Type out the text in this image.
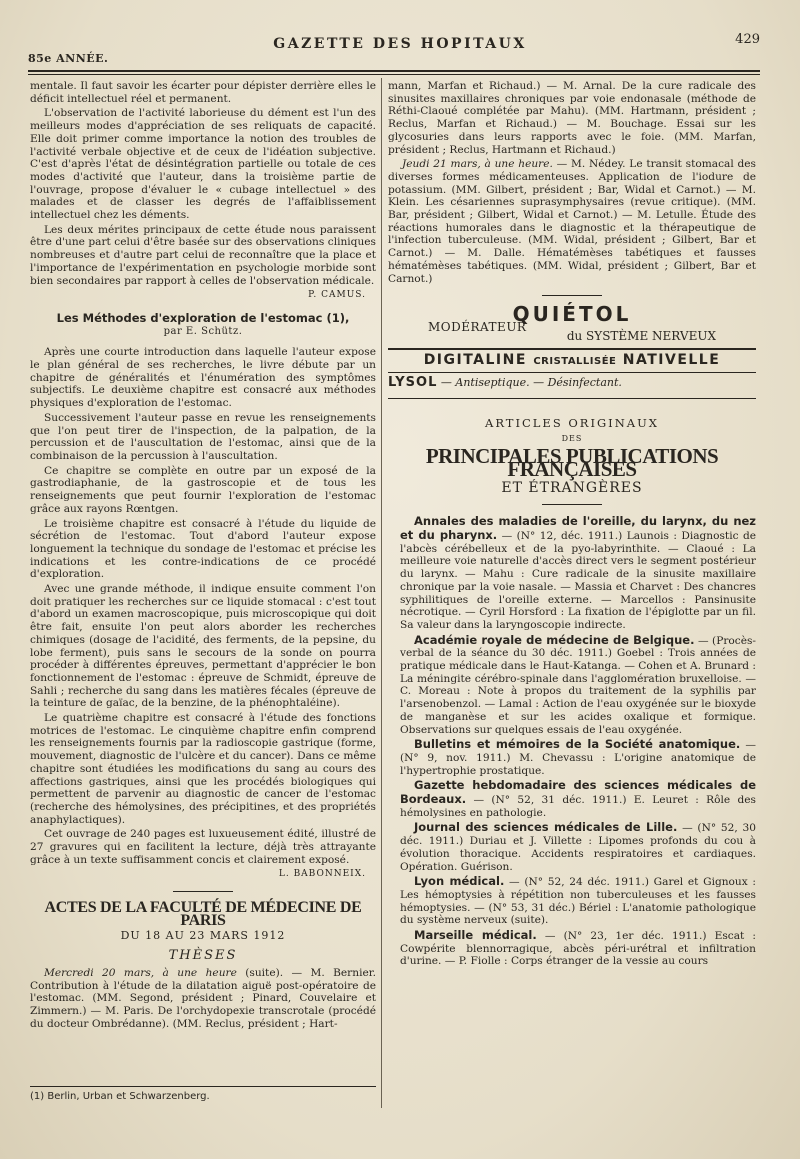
85e ANNÉE.
GAZETTE DES HOPITAUX	429

mentale. Il faut savoir les écarter pour dépister derrière elles le déficit intellectuel réel et permanent.

L'observation de l'activité laborieuse du dément est l'un des meilleurs modes d'appréciation de ses reliquats de capacité. Elle doit primer comme importance la notion des troubles de l'activité verbale objective et de ceux de l'idéation subjective. C'est d'après l'état de désintégration partielle ou totale de ces modes d'activité que l'auteur, dans la troisième partie de l'ouvrage, propose d'évaluer le « cubage intellectuel » des malades et de classer les degrés de l'affaiblissement intellectuel chez les déments.

Les deux mérites principaux de cette étude nous paraissent être d'une part celui d'être basée sur des observations cliniques nombreuses et d'autre part celui de reconnaître que la place et l'importance de l'expérimentation en psychologie morbide sont bien secondaires par rapport à celles de l'observation médicale.

P. CAMUS.
Les Méthodes d'exploration de l'estomac (1),
par E. Schütz.

Après une courte introduction dans laquelle l'auteur expose le plan général de ses recherches, le livre débute par un chapitre de généralités et l'énumération des symptômes subjectifs. Le deuxième chapitre est consacré aux méthodes physiques d'exploration de l'estomac.

Successivement l'auteur passe en revue les renseignements que l'on peut tirer de l'inspection, de la palpation, de la percussion et de l'auscultation de l'estomac, ainsi que de la combinaison de la percussion à l'auscultation.

Ce chapitre se complète en outre par un exposé de la gastrodiaphanie, de la gastroscopie et de tous les renseignements que peut fournir l'exploration de l'estomac grâce aux rayons Rœntgen.

Le troisième chapitre est consacré à l'étude du liquide de sécrétion de l'estomac. Tout d'abord l'auteur expose longuement la technique du sondage de l'estomac et précise les indications et les contre-indications de ce procédé d'exploration.

Avec une grande méthode, il indique ensuite comment l'on doit pratiquer les recherches sur ce liquide stomacal : c'est tout d'abord un examen macroscopique, puis microscopique qui doit être fait, ensuite l'on peut alors aborder les recherches chimiques (dosage de l'acidité, des ferments, de la pepsine, du lobe ferment), puis sans le secours de la sonde on pourra procéder à différentes épreuves, permettant d'apprécier le bon fonctionnement de l'estomac : épreuve de Schmidt, épreuve de Sahli ; recherche du sang dans les matières fécales (épreuve de la teinture de gaïac, de la benzine, de la phénophtaléine).

Le quatrième chapitre est consacré à l'étude des fonctions motrices de l'estomac. Le cinquième chapitre enfin comprend les renseignements fournis par la radioscopie gastrique (forme, mouvement, diagnostic de l'ulcère et du cancer). Dans ce même chapitre sont étudiées les modifications du sang au cours des affections gastriques, ainsi que les procédés biologiques qui permettent de parvenir au diagnostic de cancer de l'estomac (recherche des hémolysines, des précipitines, et des propriétés anaphylactiques).

Cet ouvrage de 240 pages est luxueusement édité, illustré de 27 gravures qui en facilitent la lecture, déjà très attrayante grâce à un texte suffisamment concis et clairement exposé.

L. BABONNEIX.
ACTES DE LA FACULTÉ DE MÉDECINE DE PARIS
DU 18 AU 23 MARS 1912
THÈSES

Mercredi 20 mars, à une heure (suite). — M. Bernier. Contribution à l'étude de la dilatation aiguë post-opératoire de l'estomac. (MM. Segond, président ; Pinard, Couvelaire et Zimmern.) — M. Paris. De l'orchydopexie transcrotale (procédé du docteur Ombrédanne). (MM. Reclus, président ; Hart-

(1) Berlin, Urban et Schwarzenberg.

mann, Marfan et Richaud.) — M. Arnal. De la cure radicale des sinusites maxillaires chroniques par voie endonasale (méthode de Réthi-Claoué complétée par Mahu). (MM. Hartmann, président ; Reclus, Marfan et Richaud.) — M. Bouchage. Essai sur les glycosuries dans leurs rapports avec le foie. (MM. Marfan, président ; Reclus, Hartmann et Richaud.)

Jeudi 21 mars, à une heure. — M. Nédey. Le transit stomacal des diverses formes médicamenteuses. Application de l'iodure de potassium. (MM. Gilbert, président ; Bar, Widal et Carnot.) — M. Klein. Les césariennes suprasymphysaires (revue critique). (MM. Bar, président ; Gilbert, Widal et Carnot.) — M. Letulle. Étude des réactions humorales dans le diagnostic et la thérapeutique de l'infection tuberculeuse. (MM. Widal, président ; Gilbert, Bar et Carnot.) — M. Dalle. Hématémèses tabétiques et fausses hématémèses tabétiques. (MM. Widal, président ; Gilbert, Bar et Carnot.)

QUIÉTOL
MODÉRATEUR
du SYSTÈME NERVEUX
DIGITALINE CRISTALLISÉE NATIVELLE
LYSOL — Antiseptique. — Désinfectant.
ARTICLES ORIGINAUX
DES
PRINCIPALES PUBLICATIONS FRANÇAISES
ET ÉTRANGÈRES

Annales des maladies de l'oreille, du larynx, du nez et du pharynx. — (N° 12, déc. 1911.) Launois : Diagnostic de l'abcès cérébelleux et de la pyo-labyrinthite. — Claoué : La meilleure voie naturelle d'accès direct vers le segment postérieur du larynx. — Mahu : Cure radicale de la sinusite maxillaire chronique par la voie nasale. — Massia et Charvet : Des chancres syphilitiques de l'oreille externe. — Marcellos : Pansinusite nécrotique. — Cyril Horsford : La fixation de l'épiglotte par un fil. Sa valeur dans la laryngoscopie indirecte.

Académie royale de médecine de Belgique. — (Procès-verbal de la séance du 30 déc. 1911.) Goebel : Trois années de pratique médicale dans le Haut-Katanga. — Cohen et A. Brunard : La méningite cérébro-spinale dans l'agglomération bruxelloise. — C. Moreau : Note à propos du traitement de la syphilis par l'arsenobenzol. — Lamal : Action de l'eau oxygénée sur le bioxyde de manganèse et sur les acides oxalique et formique. Observations sur quelques essais de l'eau oxygénée.

Bulletins et mémoires de la Société anatomique. — (N° 9, nov. 1911.) M. Chevassu : L'origine anatomique de l'hypertrophie prostatique.

Gazette hebdomadaire des sciences médicales de Bordeaux. — (N° 52, 31 déc. 1911.) E. Leuret : Rôle des hémolysines en pathologie.

Journal des sciences médicales de Lille. — (N° 52, 30 déc. 1911.) Duriau et J. Villette : Lipomes profonds du cou à évolution thoracique. Accidents respiratoires et cardiaques. Opération. Guérison.

Lyon médical. — (N° 52, 24 déc. 1911.) Garel et Gignoux : Les hémoptysies à répétition non tuberculeuses et les fausses hémoptysies. — (N° 53, 31 déc.) Bériel : L'anatomie pathologique du système nerveux (suite).

Marseille médical. — (N° 23, 1er déc. 1911.) Escat : Cowpérite blennorragique, abcès péri-urétral et infiltration d'urine. — P. Fiolle : Corps étranger de la vessie au cours
